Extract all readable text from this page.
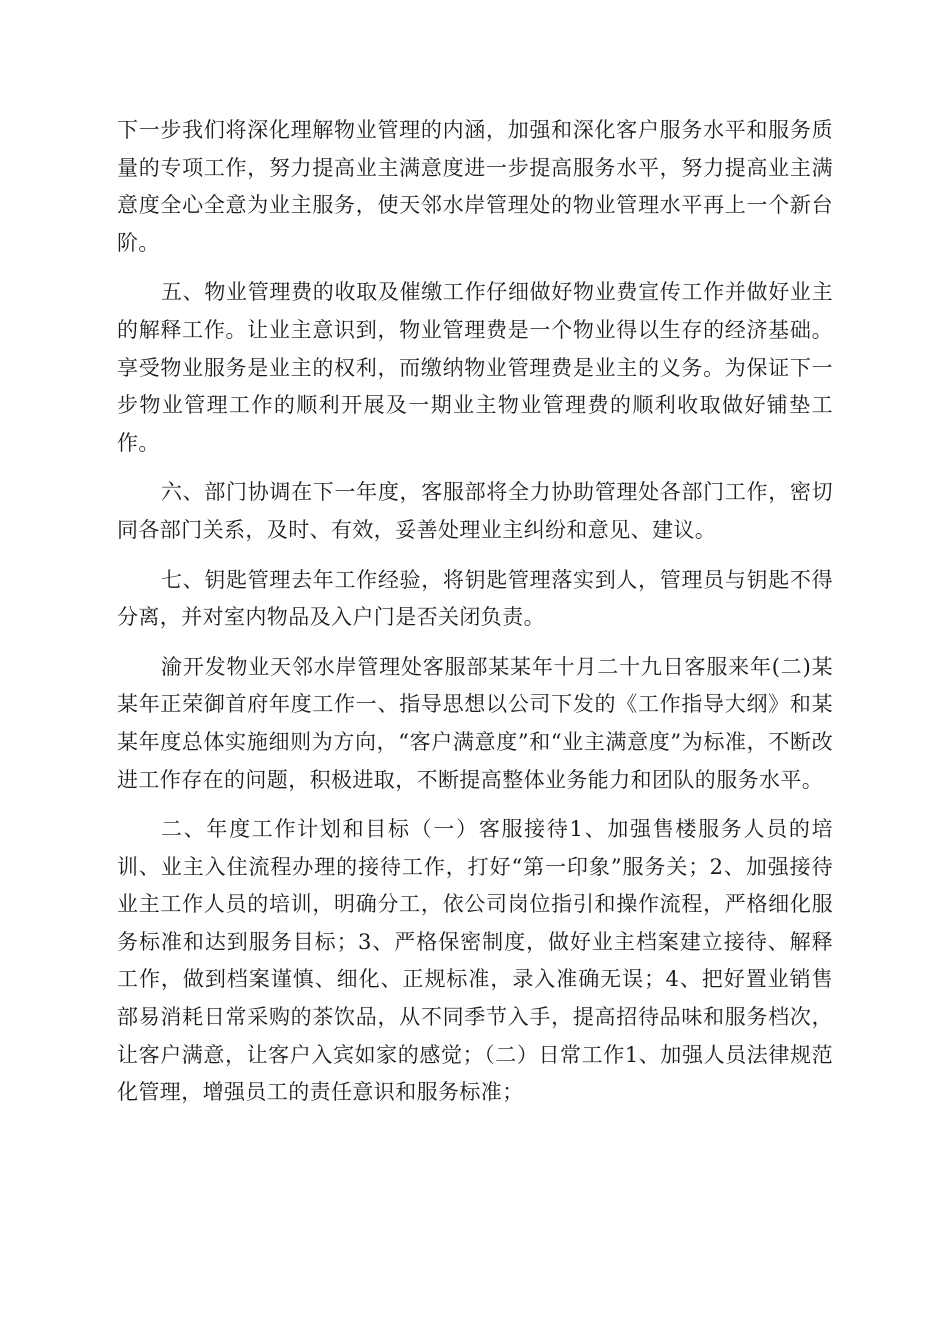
下一步我们将深化理解物业管理的内涵，加强和深化客户服务水平和服务质量的专项工作，努力提高业主满意度进一步提高服务水平，努力提高业主满意度全心全意为业主服务，使天邻水岸管理处的物业管理水平再上一个新台阶。

五、物业管理费的收取及催缴工作仔细做好物业费宣传工作并做好业主的解释工作。让业主意识到，物业管理费是一个物业得以生存的经济基础。享受物业服务是业主的权利，而缴纳物业管理费是业主的义务。为保证下一步物业管理工作的顺利开展及一期业主物业管理费的顺利收取做好铺垫工作。

六、部门协调在下一年度，客服部将全力协助管理处各部门工作，密切同各部门关系，及时、有效，妥善处理业主纠纷和意见、建议。

七、钥匙管理去年工作经验，将钥匙管理落实到人，管理员与钥匙不得分离，并对室内物品及入户门是否关闭负责。

渝开发物业天邻水岸管理处客服部某某年十月二十九日客服来年(二)某某年正荣御首府年度工作一、指导思想以公司下发的《工作指导大纲》和某某年度总体实施细则为方向，“客户满意度”和“业主满意度”为标准，不断改进工作存在的问题，积极进取，不断提高整体业务能力和团队的服务水平。

二、年度工作计划和目标（一）客服接待1、加强售楼服务人员的培训、业主入住流程办理的接待工作，打好“第一印象”服务关；2、加强接待业主工作人员的培训，明确分工，依公司岗位指引和操作流程，严格细化服务标准和达到服务目标；3、严格保密制度，做好业主档案建立接待、解释工作，做到档案谨慎、细化、正规标准，录入准确无误；4、把好置业销售部易消耗日常采购的茶饮品，从不同季节入手，提高招待品味和服务档次，让客户满意，让客户入宾如家的感觉；（二）日常工作1、加强人员法律规范化管理，增强员工的责任意识和服务标准；
